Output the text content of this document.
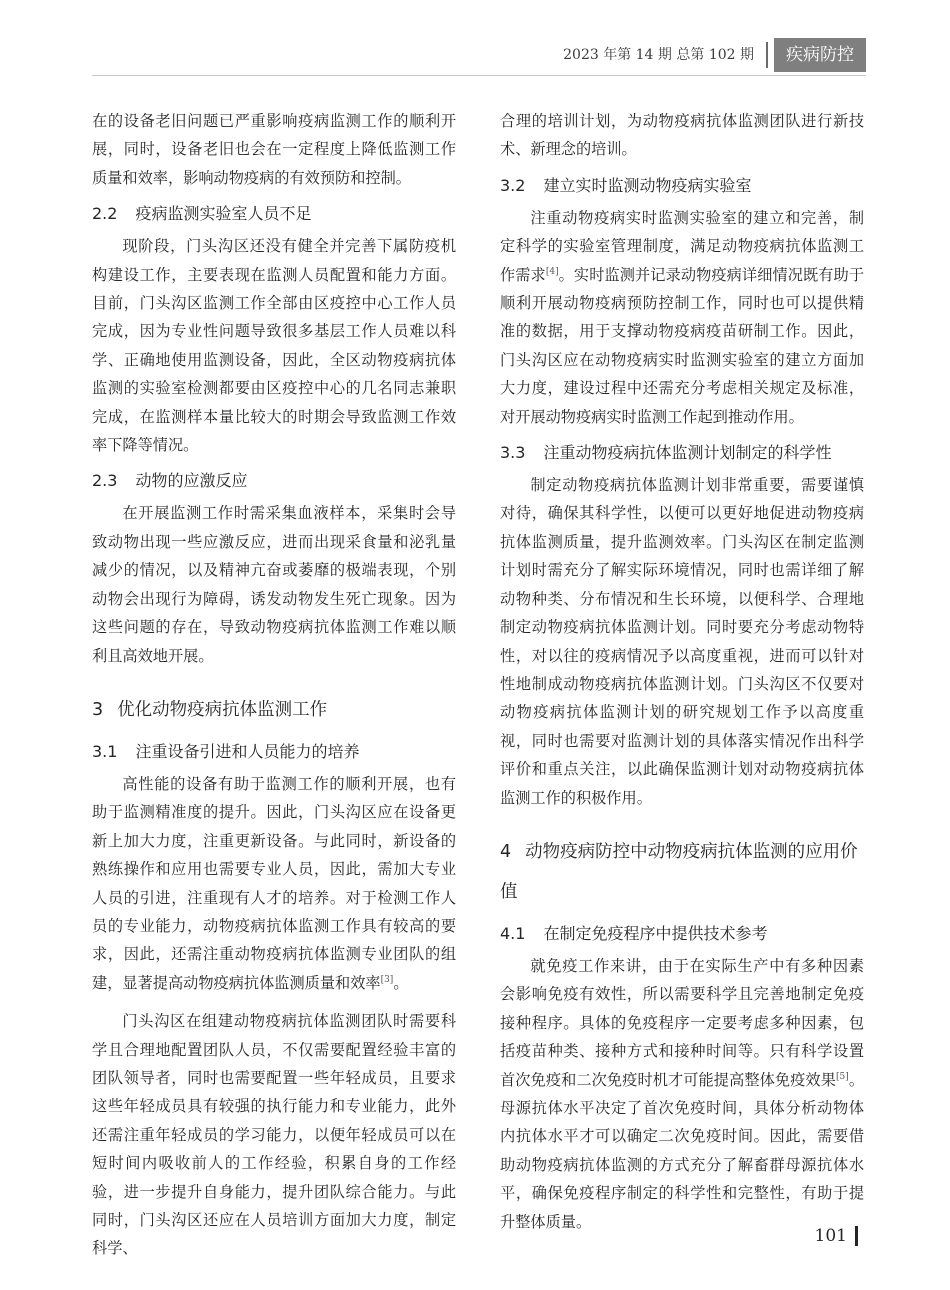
2023 年第 14 期 总第 102 期	疾病防控

在的设备老旧问题已严重影响疫病监测工作的顺利开展，同时，设备老旧也会在一定程度上降低监测工作质量和效率，影响动物疫病的有效预防和控制。

2.2 疫病监测实验室人员不足

现阶段，门头沟区还没有健全并完善下属防疫机构建设工作，主要表现在监测人员配置和能力方面。目前，门头沟区监测工作全部由区疫控中心工作人员完成，因为专业性问题导致很多基层工作人员难以科学、正确地使用监测设备，因此，全区动物疫病抗体监测的实验室检测都要由区疫控中心的几名同志兼职完成，在监测样本量比较大的时期会导致监测工作效率下降等情况。

2.3 动物的应激反应

在开展监测工作时需采集血液样本，采集时会导致动物出现一些应激反应，进而出现采食量和泌乳量减少的情况，以及精神亢奋或萎靡的极端表现，个别动物会出现行为障碍，诱发动物发生死亡现象。因为这些问题的存在，导致动物疫病抗体监测工作难以顺利且高效地开展。

3 优化动物疫病抗体监测工作
3.1 注重设备引进和人员能力的培养

高性能的设备有助于监测工作的顺利开展，也有助于监测精准度的提升。因此，门头沟区应在设备更新上加大力度，注重更新设备。与此同时，新设备的熟练操作和应用也需要专业人员，因此，需加大专业人员的引进，注重现有人才的培养。对于检测工作人员的专业能力，动物疫病抗体监测工作具有较高的要求，因此，还需注重动物疫病抗体监测专业团队的组建，显著提高动物疫病抗体监测质量和效率[3]。

门头沟区在组建动物疫病抗体监测团队时需要科学且合理地配置团队人员，不仅需要配置经验丰富的团队领导者，同时也需要配置一些年轻成员，且要求这些年轻成员具有较强的执行能力和专业能力，此外还需注重年轻成员的学习能力，以便年轻成员可以在短时间内吸收前人的工作经验，积累自身的工作经验，进一步提升自身能力，提升团队综合能力。与此同时，门头沟区还应在人员培训方面加大力度，制定科学、

合理的培训计划，为动物疫病抗体监测团队进行新技术、新理念的培训。

3.2 建立实时监测动物疫病实验室

注重动物疫病实时监测实验室的建立和完善，制定科学的实验室管理制度，满足动物疫病抗体监测工作需求[4]。实时监测并记录动物疫病详细情况既有助于顺利开展动物疫病预防控制工作，同时也可以提供精准的数据，用于支撑动物疫病疫苗研制工作。因此，门头沟区应在动物疫病实时监测实验室的建立方面加大力度，建设过程中还需充分考虑相关规定及标准，对开展动物疫病实时监测工作起到推动作用。

3.3 注重动物疫病抗体监测计划制定的科学性

制定动物疫病抗体监测计划非常重要，需要谨慎对待，确保其科学性，以便可以更好地促进动物疫病抗体监测质量，提升监测效率。门头沟区在制定监测计划时需充分了解实际环境情况，同时也需详细了解动物种类、分布情况和生长环境，以便科学、合理地制定动物疫病抗体监测计划。同时要充分考虑动物特性，对以往的疫病情况予以高度重视，进而可以针对性地制成动物疫病抗体监测计划。门头沟区不仅要对动物疫病抗体监测计划的研究规划工作予以高度重视，同时也需要对监测计划的具体落实情况作出科学评价和重点关注，以此确保监测计划对动物疫病抗体监测工作的积极作用。

4 动物疫病防控中动物疫病抗体监测的应用价值
4.1 在制定免疫程序中提供技术参考

就免疫工作来讲，由于在实际生产中有多种因素会影响免疫有效性，所以需要科学且完善地制定免疫接种程序。具体的免疫程序一定要考虑多种因素，包括疫苗种类、接种方式和接种时间等。只有科学设置首次免疫和二次免疫时机才可能提高整体免疫效果[5]。母源抗体水平决定了首次免疫时间，具体分析动物体内抗体水平才可以确定二次免疫时间。因此，需要借助动物疫病抗体监测的方式充分了解畜群母源抗体水平，确保免疫程序制定的科学性和完整性，有助于提升整体质量。

101
